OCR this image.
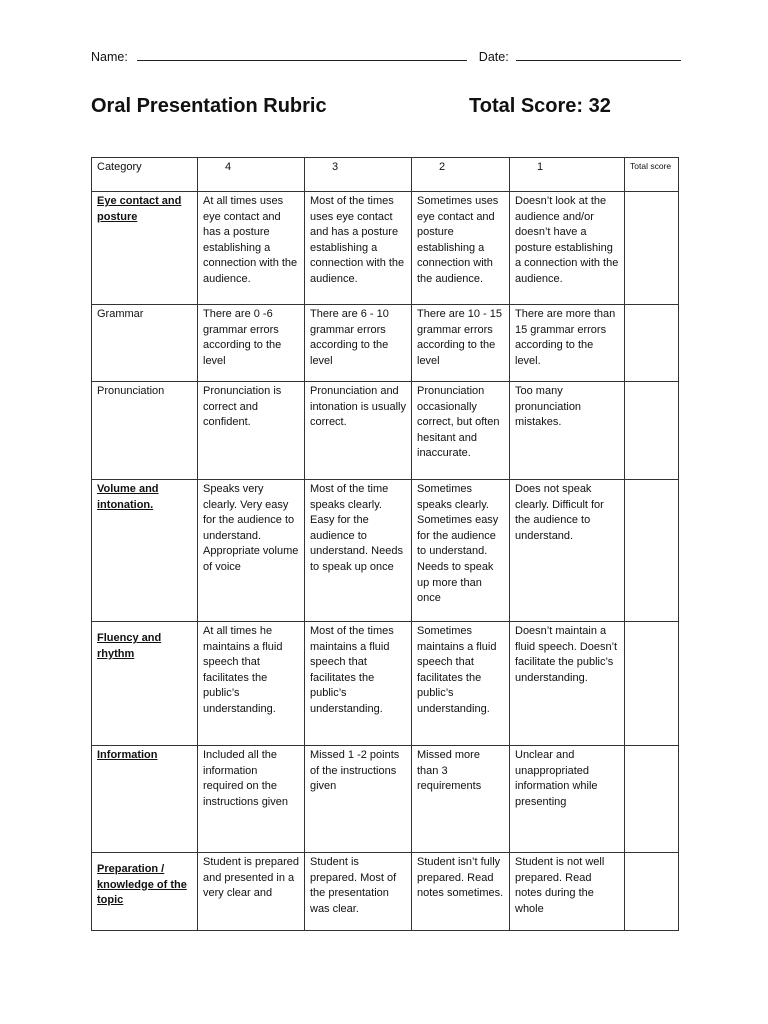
Name:	Date:
Oral Presentation Rubric	Total Score: 32
Category	4	3	2	1	Total score
Eye contact and posture	At all times uses eye contact and has a posture establishing a connection with the audience.	Most of the times uses eye contact and has a posture establishing a connection with the audience.	Sometimes uses eye contact and posture establishing a connection with the audience.	Doesn’t look at the audience and/or doesn’t have a posture establishing a connection with the audience.	
Grammar	There are 0 -6 grammar errors according to the level	There are 6 - 10 grammar errors according to the level	There are 10 - 15 grammar errors according to the level	There are more than 15 grammar errors according to the level.	
Pronunciation	Pronunciation is correct and confident.	Pronunciation and intonation is usually correct.	Pronunciation occasionally correct, but often hesitant and inaccurate.	Too many pronunciation mistakes.	
Volume and intonation.	Speaks very clearly. Very easy for the audience to understand. Appropriate volume of voice	Most of the time speaks clearly. Easy for the audience to understand. Needs to speak up once	Sometimes speaks clearly. Sometimes easy for the audience to understand. Needs to speak up more than once	Does not speak clearly. Difficult for the audience to understand.	
Fluency and rhythm	At all times he maintains a fluid speech that facilitates the public’s understanding.	Most of the times maintains a fluid speech that facilitates the public’s understanding.	Sometimes maintains a fluid speech that facilitates the public’s understanding.	Doesn’t maintain a fluid speech. Doesn’t facilitate the public’s understanding.	
Information	Included all the information required on the instructions given	Missed 1 -2 points of the instructions given	Missed more than 3 requirements	Unclear and unappropriated information while presenting	
Preparation / knowledge of the topic	Student is prepared and presented in a very clear and	Student is prepared. Most of the presentation was clear.	Student isn’t fully prepared. Read notes sometimes.	Student is not well prepared. Read notes during the whole	
